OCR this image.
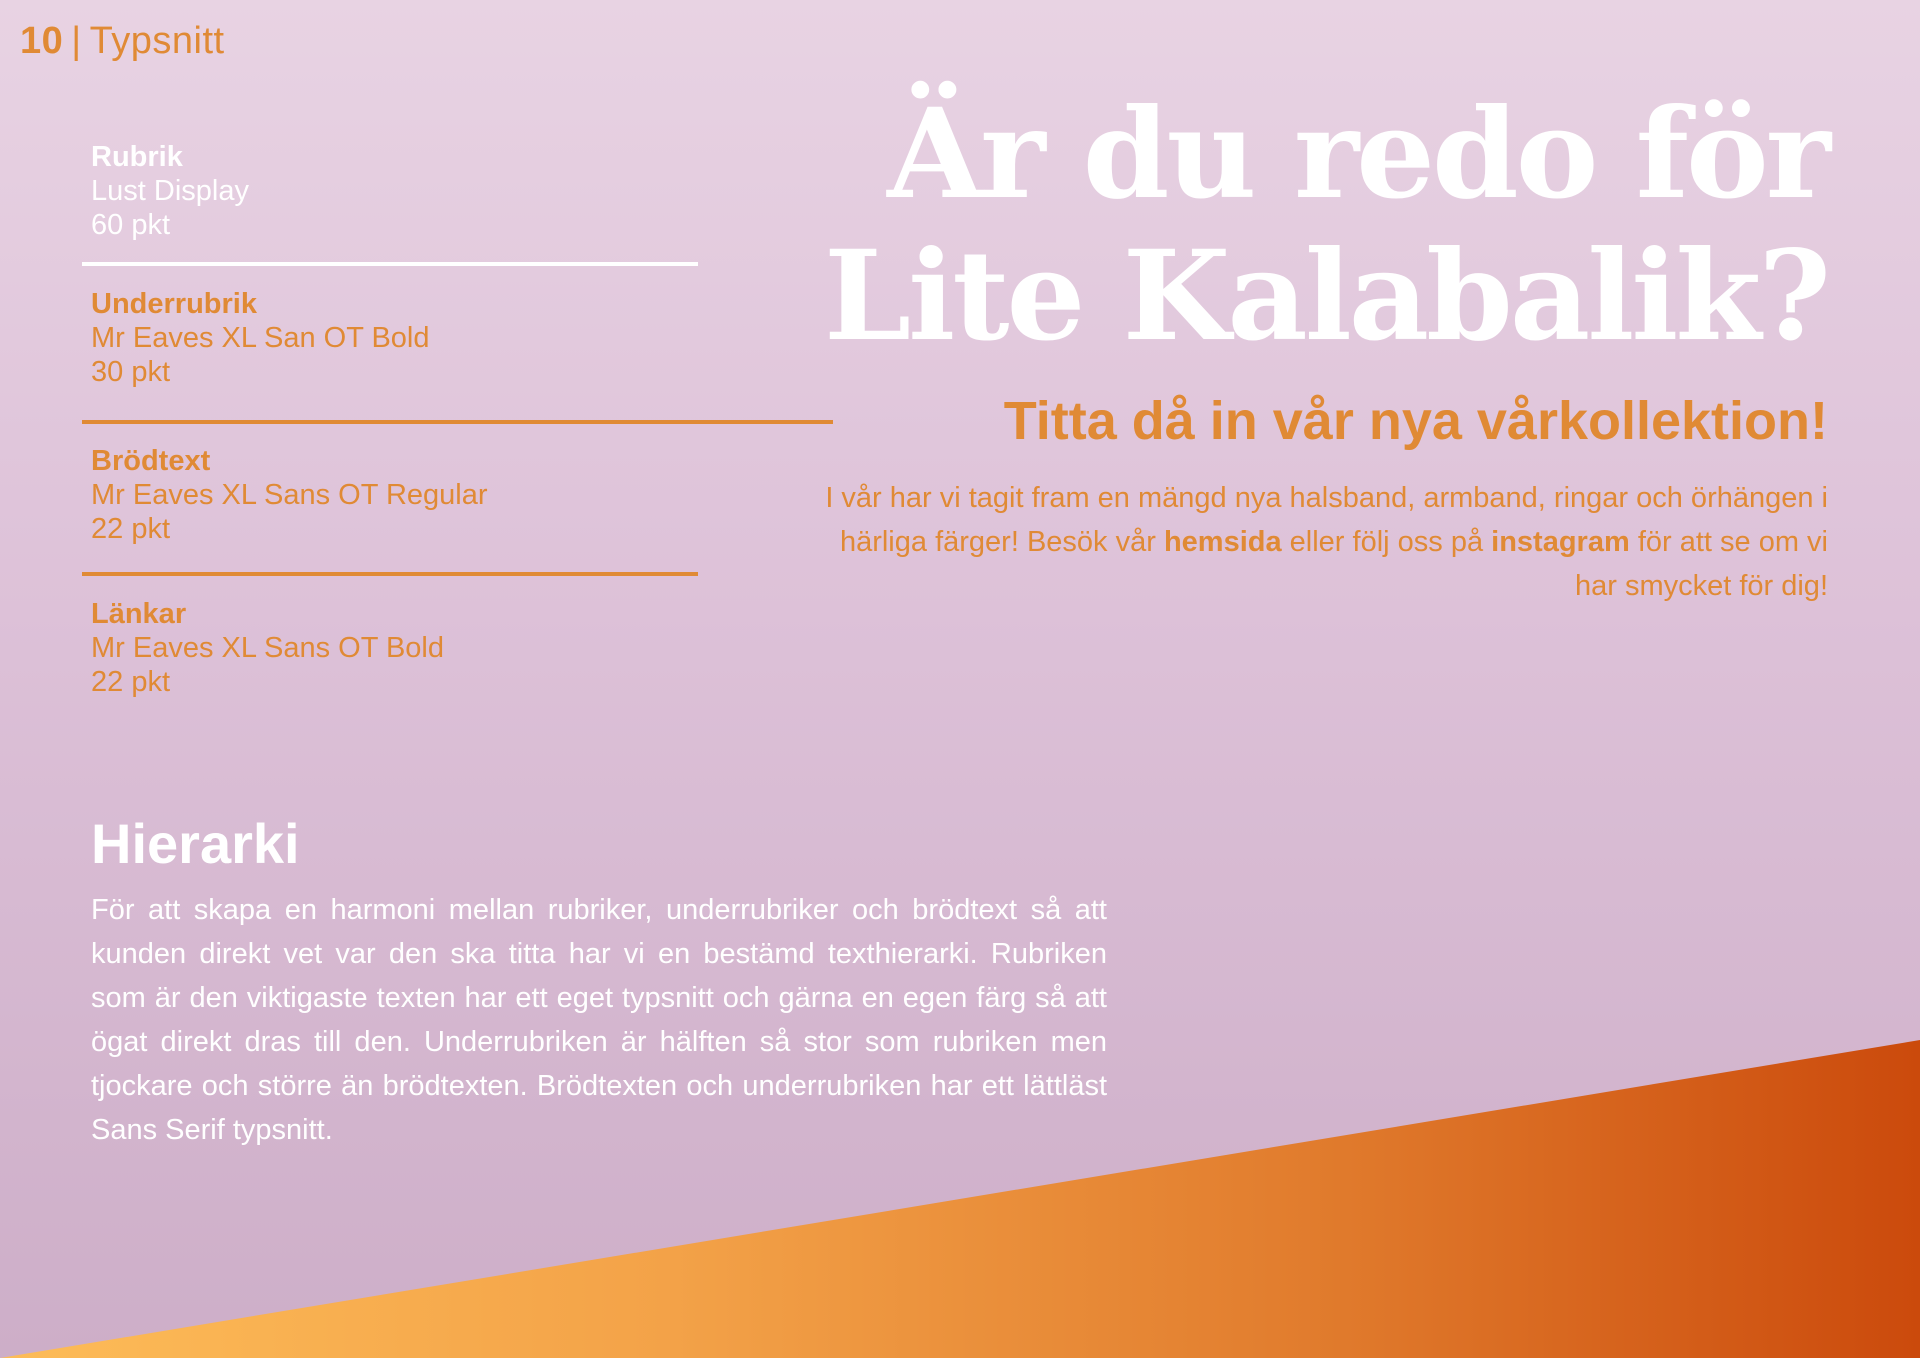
10 | Typsnitt
Rubrik
Lust Display
60 pkt
Underrubrik
Mr Eaves XL San OT Bold
30 pkt
Brödtext
Mr Eaves XL Sans OT Regular
22 pkt
Länkar
Mr Eaves XL Sans OT Bold
22 pkt
Är du redo för
Lite Kalabalik?
Titta då in vår nya vårkollektion!
I vår har vi tagit fram en mängd nya halsband, armband, ringar och örhängen i härliga färger! Besök vår hemsida eller följ oss på instagram för att se om vi har smycket för dig!
Hierarki
För att skapa en harmoni mellan rubriker, underrubriker och brödtext så att kunden direkt vet var den ska titta har vi en bestämd texthierarki. Rubriken som är den viktigaste texten har ett eget typsnitt och gärna en egen färg så att ögat direkt dras till den. Underrubriken är hälften så stor som rubriken men tjockare och större än brödtexten. Brödtexten och underrubriken har ett lättläst Sans Serif typsnitt.
